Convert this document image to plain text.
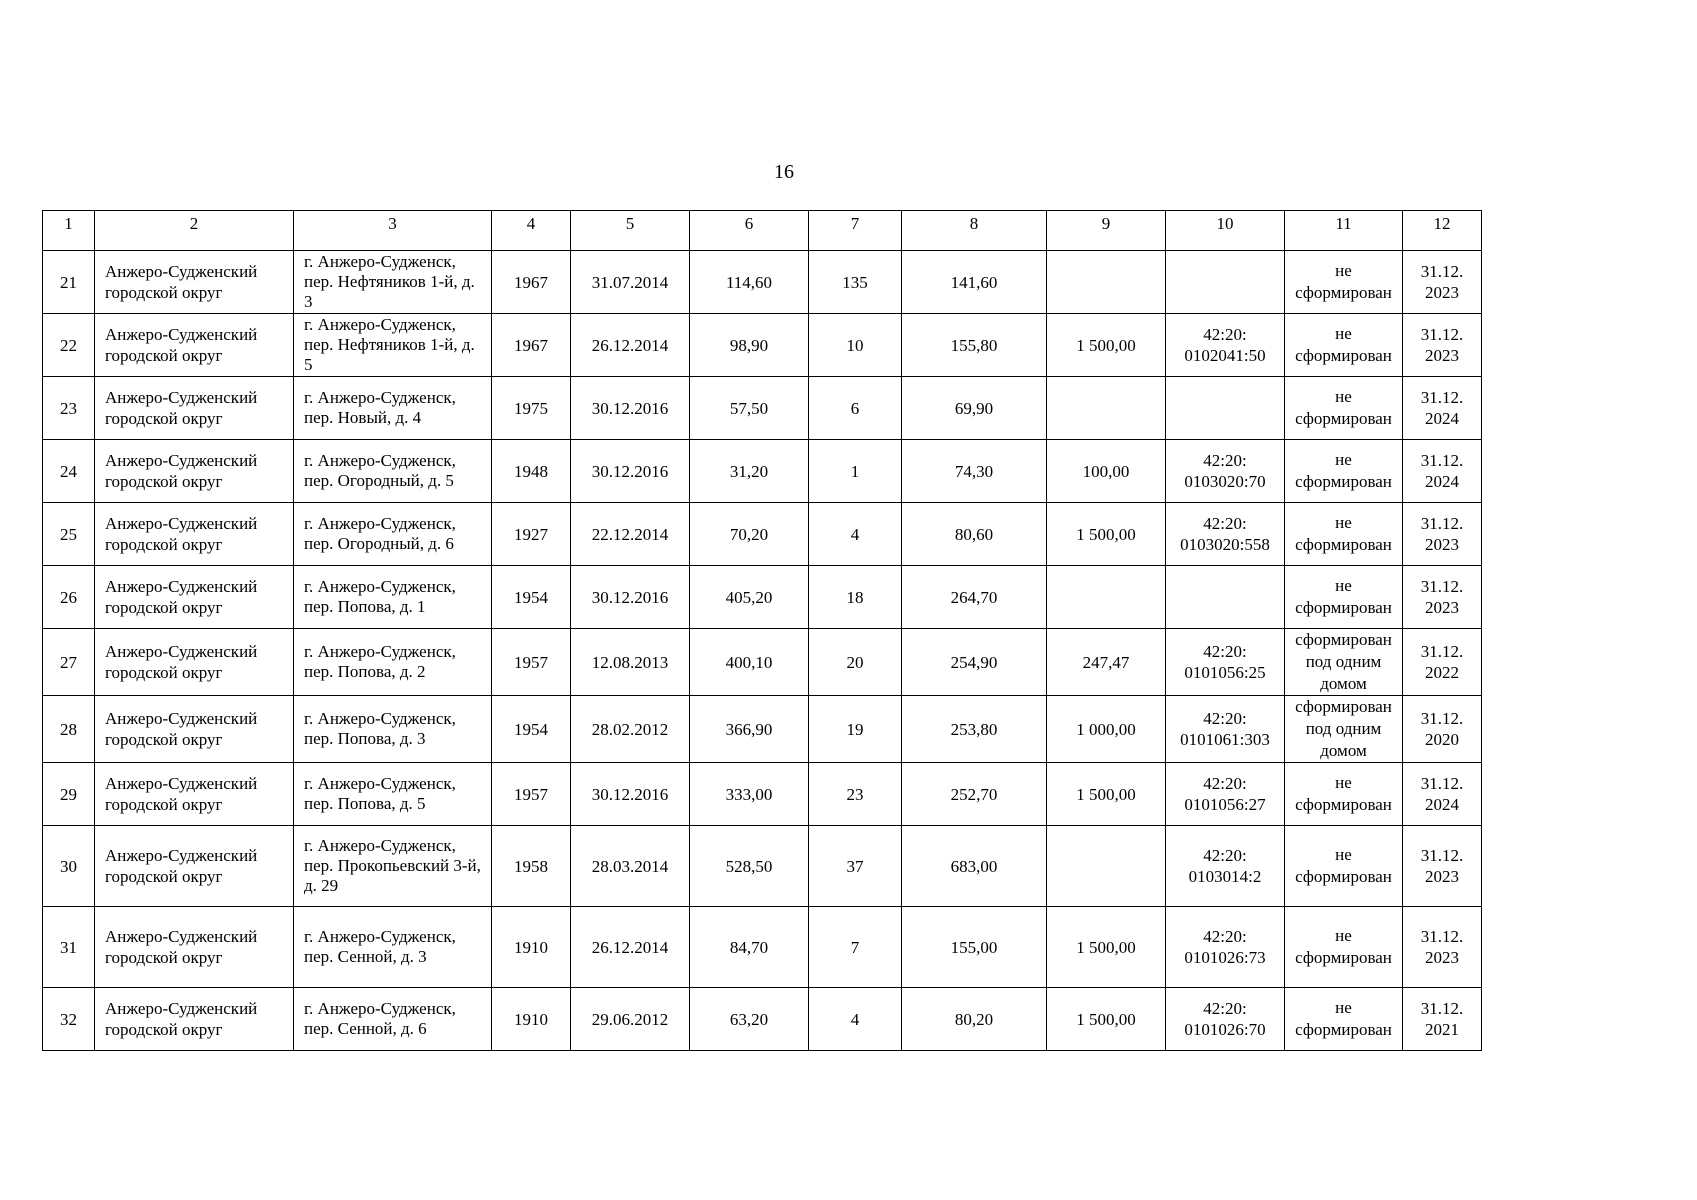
16
1	2	3	4	5	6	7	8	9	10	11	12
21	Анжеро-Судженский городской округ	г. Анжеро-Судженск, пер. Нефтяников 1-й, д. 3	1967	31.07.2014	114,60	135	141,60			не сформирован	31.12. 2023
22	Анжеро-Судженский городской округ	г. Анжеро-Судженск, пер. Нефтяников 1-й, д. 5	1967	26.12.2014	98,90	10	155,80	1 500,00	42:20: 0102041:50	не сформирован	31.12. 2023
23	Анжеро-Судженский городской округ	г. Анжеро-Судженск, пер. Новый, д. 4	1975	30.12.2016	57,50	6	69,90			не сформирован	31.12. 2024
24	Анжеро-Судженский городской округ	г. Анжеро-Судженск, пер. Огородный, д. 5	1948	30.12.2016	31,20	1	74,30	100,00	42:20: 0103020:70	не сформирован	31.12. 2024
25	Анжеро-Судженский городской округ	г. Анжеро-Судженск, пер. Огородный, д. 6	1927	22.12.2014	70,20	4	80,60	1 500,00	42:20: 0103020:558	не сформирован	31.12. 2023
26	Анжеро-Судженский городской округ	г. Анжеро-Судженск, пер. Попова, д. 1	1954	30.12.2016	405,20	18	264,70			не сформирован	31.12. 2023
27	Анжеро-Судженский городской округ	г. Анжеро-Судженск, пер. Попова, д. 2	1957	12.08.2013	400,10	20	254,90	247,47	42:20: 0101056:25	сформирован под одним домом	31.12. 2022
28	Анжеро-Судженский городской округ	г. Анжеро-Судженск, пер. Попова, д. 3	1954	28.02.2012	366,90	19	253,80	1 000,00	42:20: 0101061:303	сформирован под одним домом	31.12. 2020
29	Анжеро-Судженский городской округ	г. Анжеро-Судженск, пер. Попова, д. 5	1957	30.12.2016	333,00	23	252,70	1 500,00	42:20: 0101056:27	не сформирован	31.12. 2024
30	Анжеро-Судженский городской округ	г. Анжеро-Судженск, пер. Прокопьевский 3-й, д. 29	1958	28.03.2014	528,50	37	683,00		42:20: 0103014:2	не сформирован	31.12. 2023
31	Анжеро-Судженский городской округ	г. Анжеро-Судженск, пер. Сенной, д. 3	1910	26.12.2014	84,70	7	155,00	1 500,00	42:20: 0101026:73	не сформирован	31.12. 2023
32	Анжеро-Судженский городской округ	г. Анжеро-Судженск, пер. Сенной, д. 6	1910	29.06.2012	63,20	4	80,20	1 500,00	42:20: 0101026:70	не сформирован	31.12. 2021
